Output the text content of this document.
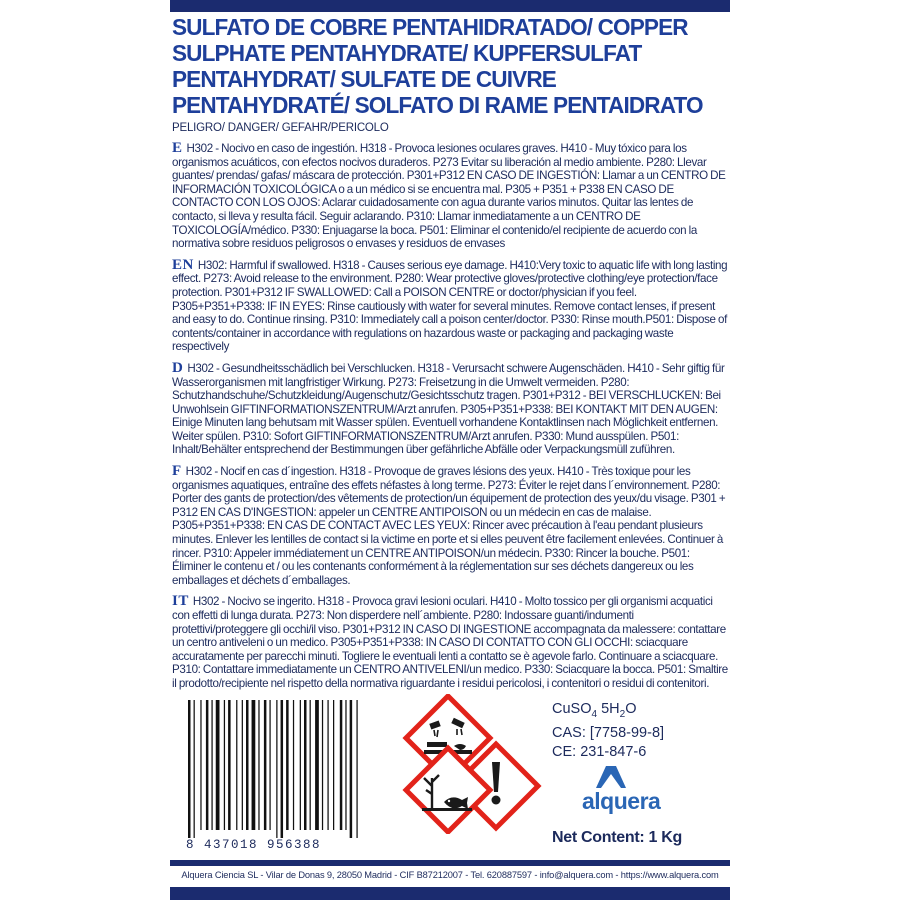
SULFATO DE COBRE PENTAHIDRATADO/ COPPER SULPHATE PENTAHYDRATE/ KUPFERSULFAT PENTAHYDRAT/ SULFATE DE CUIVRE PENTAHYDRATÉ/ SOLFATO DI RAME PENTAIDRATO
PELIGRO/ DANGER/ GEFAHR/PERICOLO
E H302 - Nocivo en caso de ingestión. H318 - Provoca lesiones oculares graves. H410 - Muy tóxico para los organismos acuáticos, con efectos nocivos duraderos. P273 Evitar su liberación al medio ambiente. P280: Llevar guantes/ prendas/ gafas/ máscara de protección. P301+P312 EN CASO DE INGESTIÓN: Llamar a un CENTRO DE INFORMACIÓN TOXICOLÓGICA o a un médico si se encuentra mal. P305 + P351 + P338 EN CASO DE CONTACTO CON LOS OJOS: Aclarar cuidadosamente con agua durante varios minutos. Quitar las lentes de contacto, si lleva y resulta fácil. Seguir aclarando. P310: Llamar inmediatamente a un CENTRO DE TOXICOLOGÍA/médico. P330: Enjuagarse la boca. P501: Eliminar el contenido/el recipiente de acuerdo con la normativa sobre residuos peligrosos o envases y residuos de envases
EN H302: Harmful if swallowed. H318 - Causes serious eye damage. H410:Very toxic to aquatic life with long lasting effect. P273: Avoid release to the environment. P280: Wear protective gloves/protective clothing/eye protection/face protection. P301+P312 IF SWALLOWED: Call a POISON CENTRE or doctor/physician if you feel. P305+P351+P338: IF IN EYES: Rinse cautiously with water for several minutes. Remove contact lenses, if present and easy to do. Continue rinsing. P310: Immediately call a poison center/doctor. P330: Rinse mouth.P501: Dispose of contents/container in accordance with regulations on hazardous waste or packaging and packaging waste respectively
D H302 - Gesundheitsschädlich bei Verschlucken. H318 - Verursacht schwere Augenschäden. H410 - Sehr giftig für Wasserorganismen mit langfristiger Wirkung. P273: Freisetzung in die Umwelt vermeiden. P280: Schutzhandschuhe/Schutzkleidung/Augenschutz/Gesichtsschutz tragen. P301+P312 - BEI VERSCHLUCKEN: Bei Unwohlsein GIFTINFORMATIONSZENTRUM/Arzt anrufen. P305+P351+P338: BEI KONTAKT MIT DEN AUGEN: Einige Minuten lang behutsam mit Wasser spülen. Eventuell vorhandene Kontaktlinsen nach Möglichkeit entfernen. Weiter spülen. P310: Sofort GIFTINFORMATIONSZENTRUM/Arzt anrufen. P330: Mund ausspülen. P501: Inhalt/Behälter entsprechend der Bestimmungen über gefährliche Abfälle oder Verpackungsmüll zuführen.
F H302 - Nocif en cas d´ingestion. H318 - Provoque de graves lésions des yeux. H410 - Très toxique pour les organismes aquatiques, entraîne des effets néfastes à long terme. P273: Éviter le rejet dans l´environnement. P280: Porter des gants de protection/des vêtements de protection/un équipement de protection des yeux/du visage. P301 + P312 EN CAS D'INGESTION: appeler un CENTRE ANTIPOISON ou un médecin en cas de malaise. P305+P351+P338: EN CAS DE CONTACT AVEC LES YEUX: Rincer avec précaution à l'eau pendant plusieurs minutes. Enlever les lentilles de contact si la victime en porte et si elles peuvent être facilement enlevées. Continuer à rincer. P310: Appeler immédiatement un CENTRE ANTIPOISON/un médecin. P330: Rincer la bouche. P501: Éliminer le contenu et / ou les contenants conformément à la réglementation sur ses déchets dangereux ou les emballages et déchets d´emballages.
IT H302 - Nocivo se ingerito. H318 - Provoca gravi lesioni oculari. H410 - Molto tossico per gli organismi acquatici con effetti di lunga durata. P273: Non disperdere nell´ambiente. P280: Indossare guanti/indumenti protettivi/proteggere gli occhi/il viso. P301+P312 IN CASO DI INGESTIONE accompagnata da malessere: contattare un centro antiveleni o un medico. P305+P351+P338: IN CASO DI CONTATTO CON GLI OCCHI: sciacquare accuratamente per parecchi minuti. Togliere le eventuali lenti a contatto se è agevole farlo. Continuare a sciacquare. P310: Contattare immediatamente un CENTRO ANTIVELENI/un medico. P330: Sciacquare la bocca. P501: Smaltire il prodotto/recipiente nel rispetto della normativa riguardante i residui pericolosi, i contenitori o residui di contenitori.
8 437018 956388
CuSO$_4$ $5H_2O$
CAS: [7758-99-8]
CE: 231-847-6
alquera
Net Content: 1 Kg
Alquera Ciencia SL - Vilar de Donas 9, 28050 Madrid - CIF B87212007 - Tel. 620887597 - info@alquera.com - https://www.alquera.com
